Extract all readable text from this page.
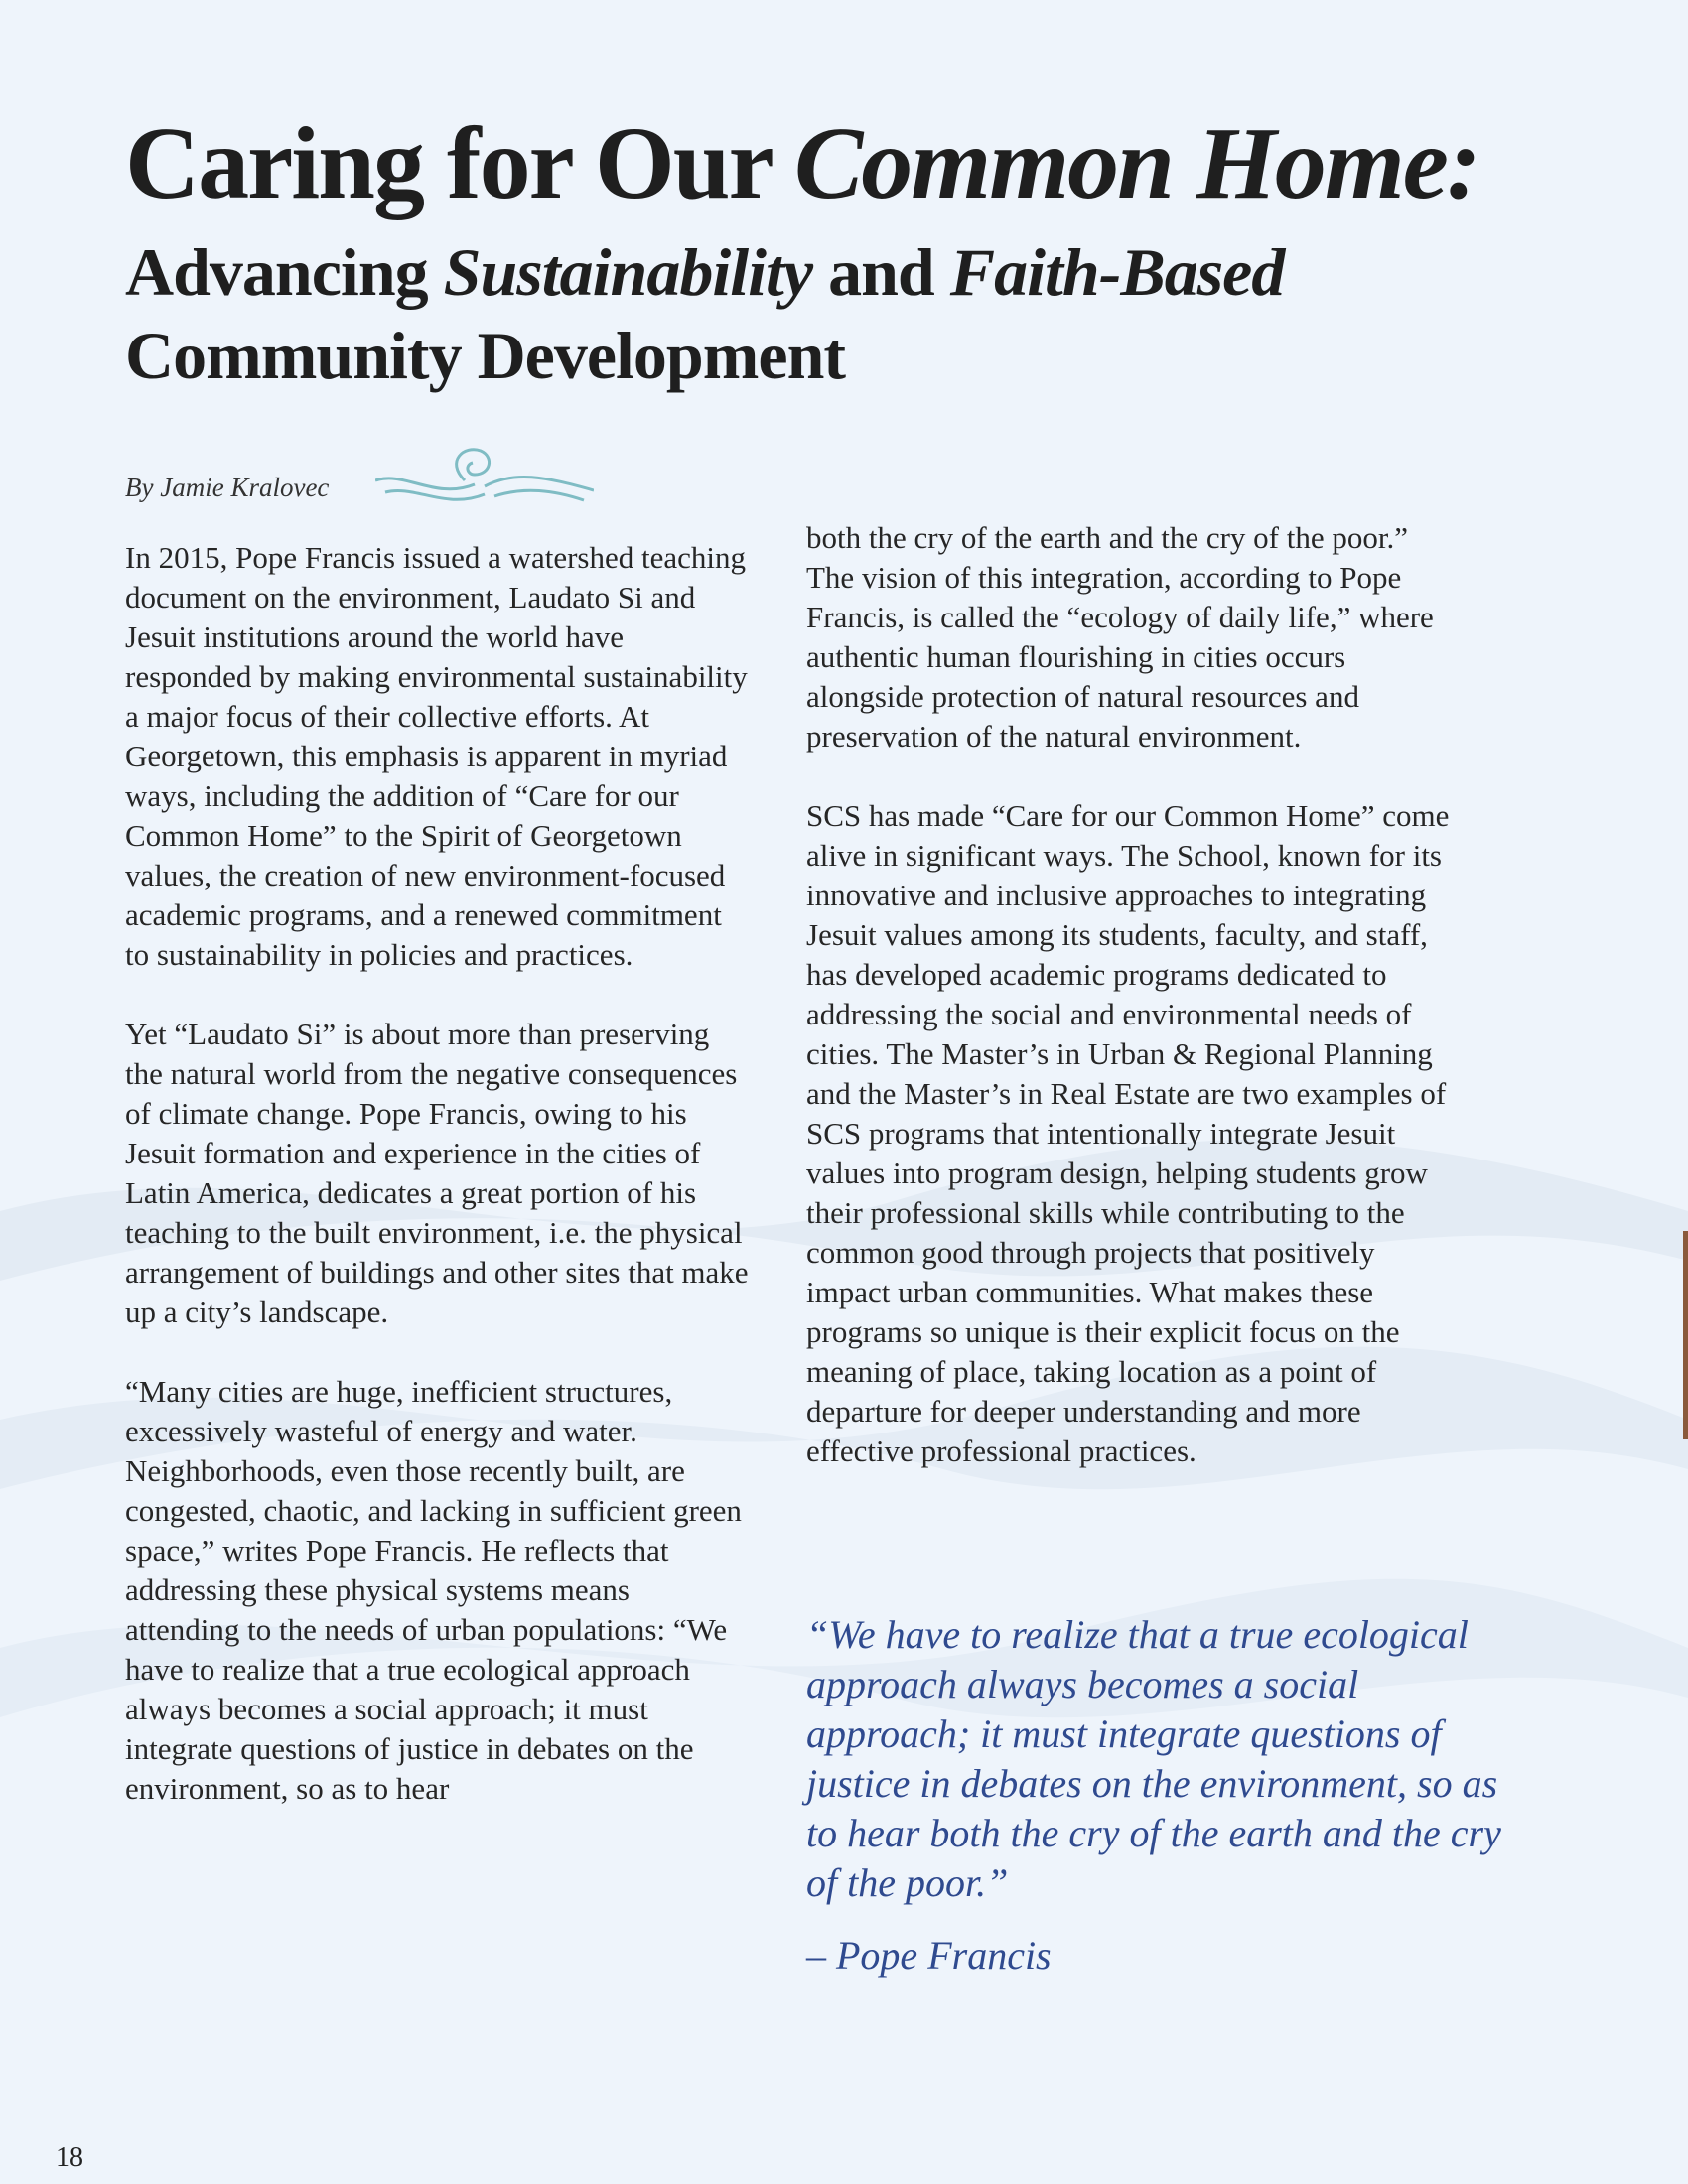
Caring for Our Common Home:
Advancing Sustainability and Faith-Based
Community Development
By Jamie Kralovec

In 2015, Pope Francis issued a watershed teaching document on the environment, Laudato Si and Jesuit institutions around the world have responded by making environmental sustainability a major focus of their collective efforts. At Georgetown, this emphasis is apparent in myriad ways, including the addition of “Care for our Common Home” to the Spirit of Georgetown values, the creation of new environment-focused academic programs, and a renewed commitment to sustainability in policies and practices.

Yet “Laudato Si” is about more than preserving the natural world from the negative consequences of climate change. Pope Francis, owing to his Jesuit formation and experience in the cities of Latin America, dedicates a great portion of his teaching to the built environment, i.e. the physical arrangement of buildings and other sites that make up a city’s landscape.

“Many cities are huge, inefficient structures, excessively wasteful of energy and water. Neighborhoods, even those recently built, are congested, chaotic, and lacking in sufficient green space,” writes Pope Francis. He reflects that addressing these physical systems means attending to the needs of urban populations: “We have to realize that a true ecological approach always becomes a social approach; it must integrate questions of justice in debates on the environment, so as to hear

both the cry of the earth and the cry of the poor.” The vision of this integration, according to Pope Francis, is called the “ecology of daily life,” where authentic human flourishing in cities occurs alongside protection of natural resources and preservation of the natural environment.

SCS has made “Care for our Common Home” come alive in significant ways. The School, known for its innovative and inclusive approaches to integrating Jesuit values among its students, faculty, and staff, has developed academic programs dedicated to addressing the social and environmental needs of cities. The Master’s in Urban & Regional Planning and the Master’s in Real Estate are two examples of SCS programs that intentionally integrate Jesuit values into program design, helping students grow their professional skills while contributing to the common good through projects that positively impact urban communities. What makes these programs so unique is their explicit focus on the meaning of place, taking location as a point of departure for deeper understanding and more effective professional practices.

“We have to realize that a true ecological approach always becomes a social approach; it must integrate questions of justice in debates on the environment, so as to hear both the cry of the earth and the cry of the poor.”

– Pope Francis
18
